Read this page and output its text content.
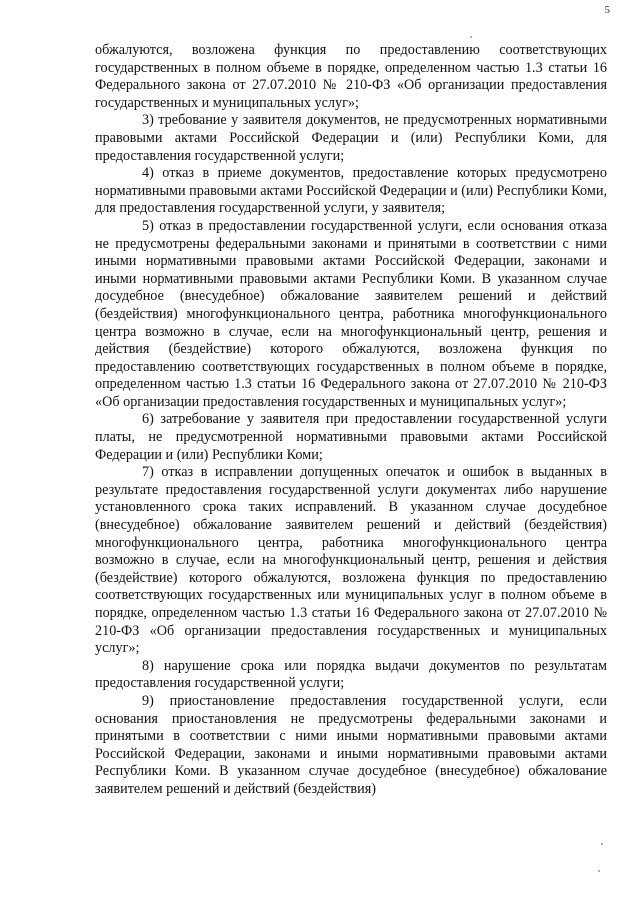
5

обжалуются, возложена функция по предоставлению соответствующих государственных в полном объеме в порядке, определенном частью 1.3 статьи 16 Федерального закона от 27.07.2010 № 210-ФЗ «Об организации предоставления государственных и муниципальных услуг»;

3) требование у заявителя документов, не предусмотренных нормативными правовыми актами Российской Федерации и (или) Республики Коми, для предоставления государственной услуги;

4) отказ в приеме документов, предоставление которых предусмотрено нормативными правовыми актами Российской Федерации и (или) Республики Коми, для предоставления государственной услуги, у заявителя;

5) отказ в предоставлении государственной услуги, если основания отказа не предусмотрены федеральными законами и принятыми в соответствии с ними иными нормативными правовыми актами Российской Федерации, законами и иными нормативными правовыми актами Республики Коми. В указанном случае досудебное (внесудебное) обжалование заявителем решений и действий (бездействия) многофункционального центра, работника многофункционального центра возможно в случае, если на многофункциональный центр, решения и действия (бездействие) которого обжалуются, возложена функция по предоставлению соответствующих государственных в полном объеме в порядке, определенном частью 1.3 статьи 16 Федерального закона от 27.07.2010 № 210-ФЗ «Об организации предоставления государственных и муниципальных услуг»;

6) затребование у заявителя при предоставлении государственной услуги платы, не предусмотренной нормативными правовыми актами Российской Федерации и (или) Республики Коми;

7) отказ в исправлении допущенных опечаток и ошибок в выданных в результате предоставления государственной услуги документах либо нарушение установленного срока таких исправлений. В указанном случае досудебное (внесудебное) обжалование заявителем решений и действий (бездействия) многофункционального центра, работника многофункционального центра возможно в случае, если на многофункциональный центр, решения и действия (бездействие) которого обжалуются, возложена функция по предоставлению соответствующих государственных или муниципальных услуг в полном объеме в порядке, определенном частью 1.3 статьи 16 Федерального закона от 27.07.2010 № 210-ФЗ «Об организации предоставления государственных и муниципальных услуг»;

8) нарушение срока или порядка выдачи документов по результатам предоставления государственной услуги;

9) приостановление предоставления государственной услуги, если основания приостановления не предусмотрены федеральными законами и принятыми в соответствии с ними иными нормативными правовыми актами Российской Федерации, законами и иными нормативными правовыми актами Республики Коми. В указанном случае досудебное (внесудебное) обжалование заявителем решений и действий (бездействия)
